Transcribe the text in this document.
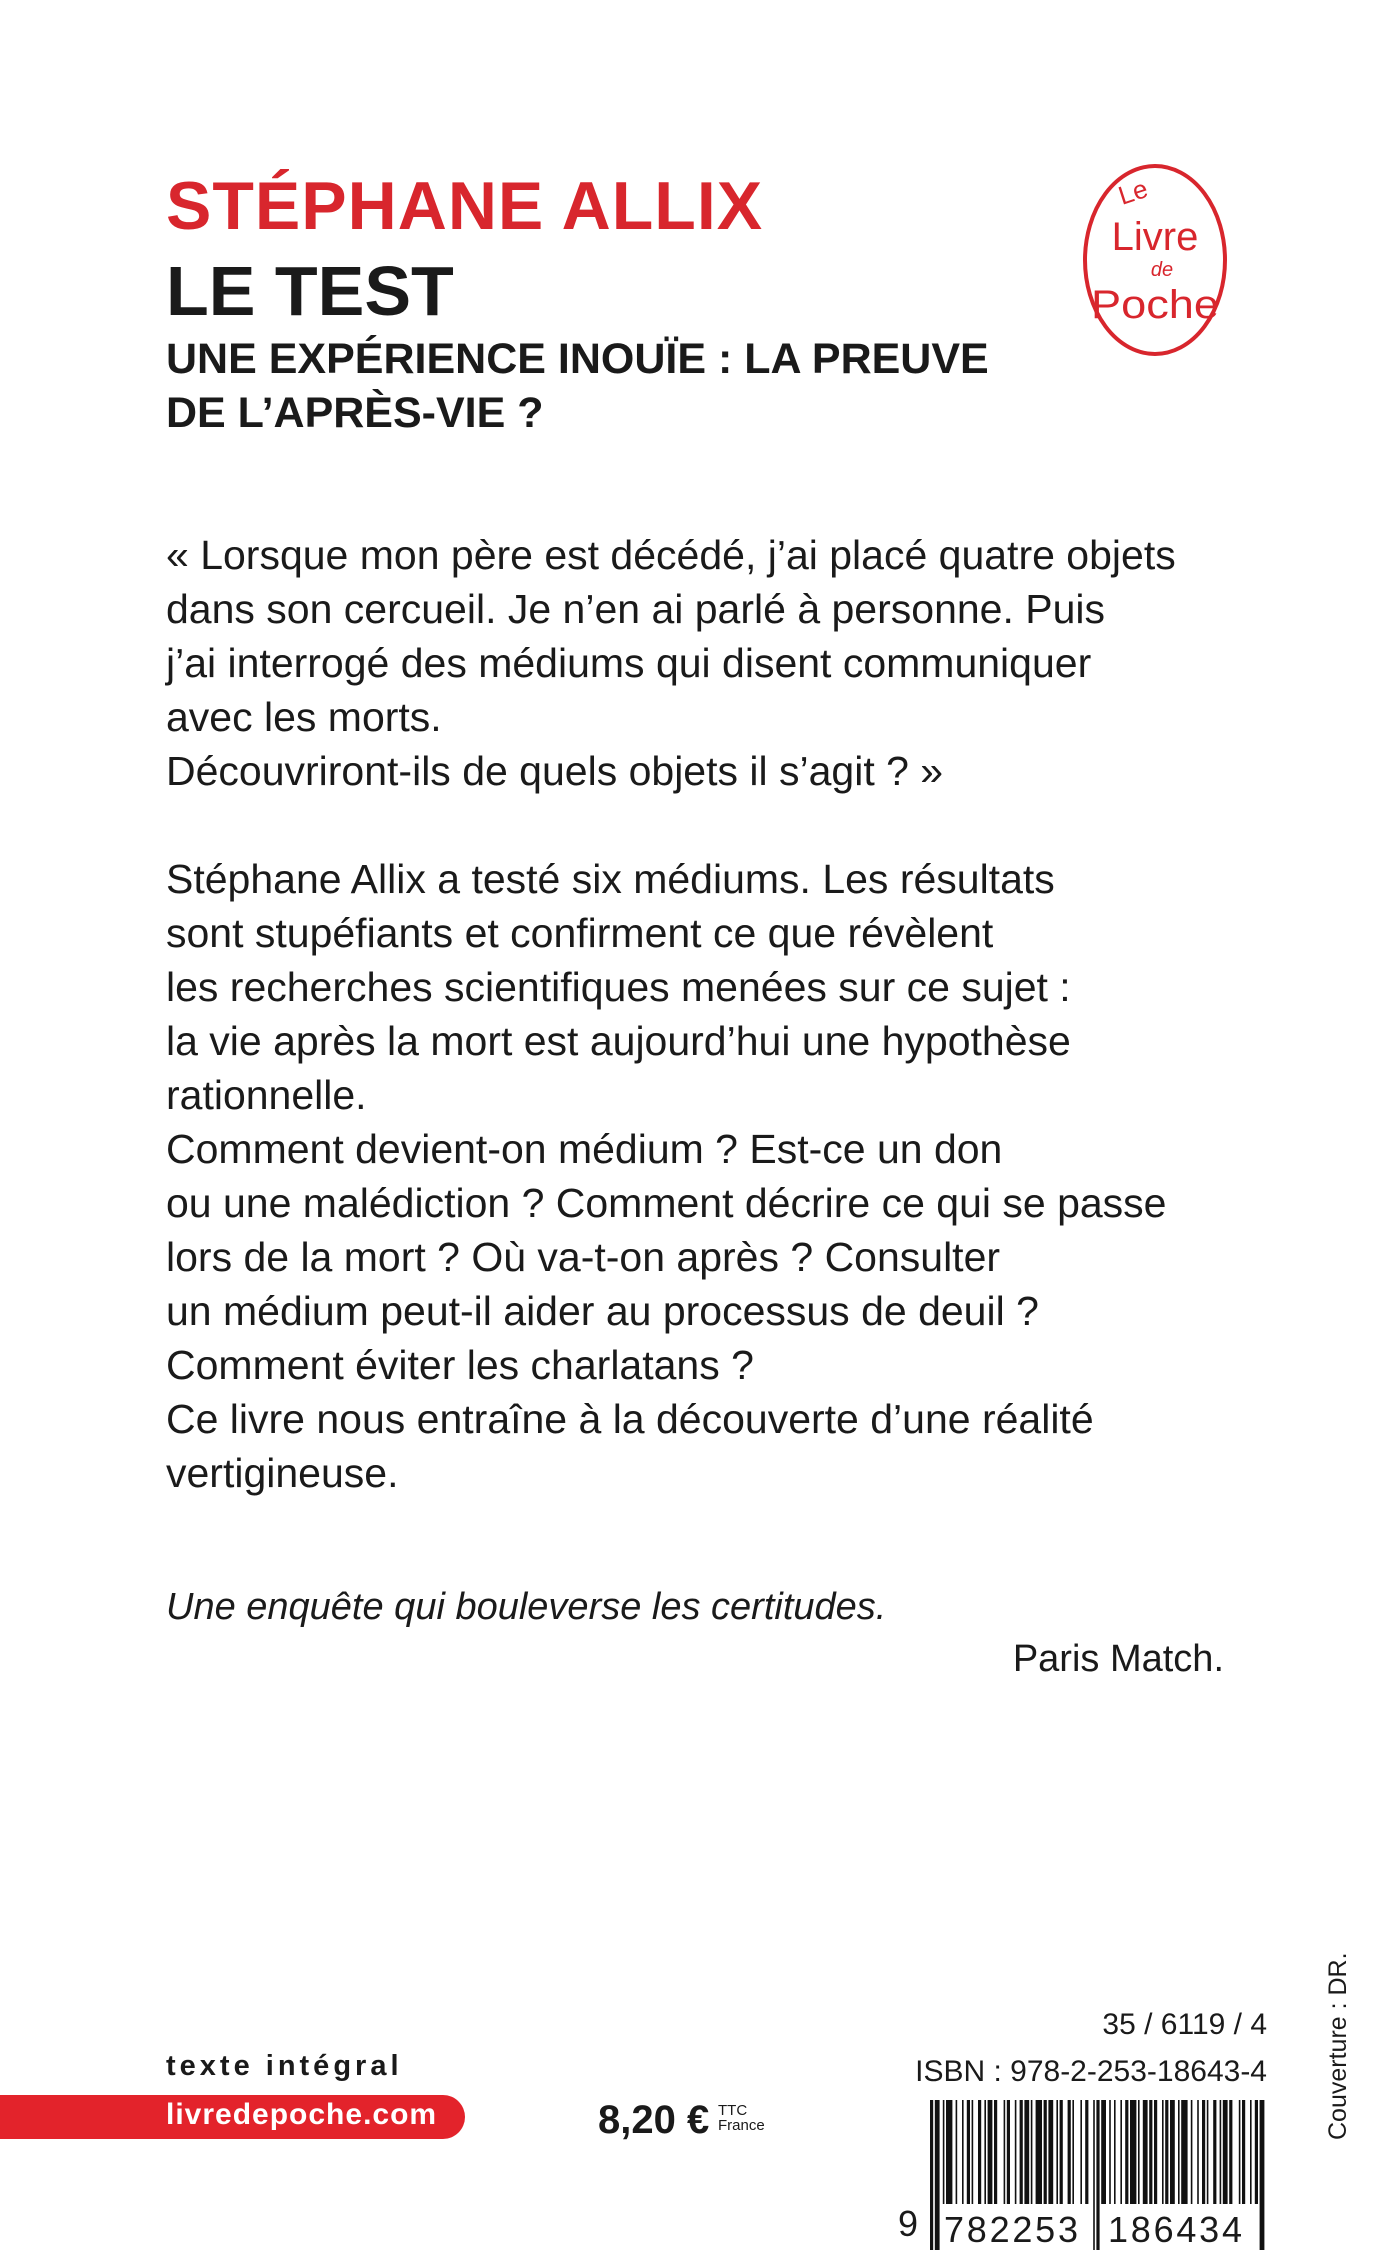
STÉPHANE ALLIX
LE TEST
UNE EXPÉRIENCE INOUÏE : LA PREUVE
DE L’APRÈS-VIE ?
Le
Livre
de
Poche

« Lorsque mon père est décédé, j’ai placé quatre objets

dans son cercueil. Je n’en ai parlé à personne. Puis

j’ai interrogé des médiums qui disent communiquer

avec les morts.

Découvriront-ils de quels objets il s’agit ? »

Stéphane Allix a testé six médiums. Les résultats

sont stupéfiants et confirment ce que révèlent

les recherches scientifiques menées sur ce sujet :

la vie après la mort est aujourd’hui une hypothèse

rationnelle.

Comment devient-on médium ? Est-ce un don

ou une malédiction ? Comment décrire ce qui se passe

lors de la mort ? Où va-t-on après ? Consulter

un médium peut-il aider au processus de deuil ?

Comment éviter les charlatans ?

Ce livre nous entraîne à la découverte d’une réalité

vertigineuse.

Une enquête qui bouleverse les certitudes.
Paris Match.
texte intégral
livredepoche.com	8,20 € TTC
France
35 / 6119 / 4
ISBN : 978-2-253-18643-4
9 782253 186434
Couverture : DR.
